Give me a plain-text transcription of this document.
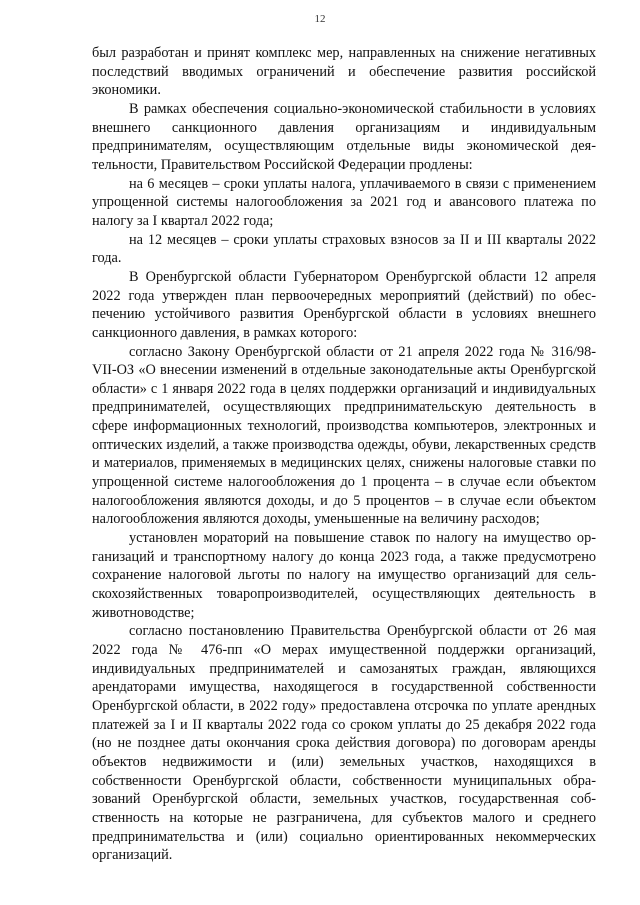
12

был разработан и принят комплекс мер, направленных на снижение негативных последствий вводимых ограничений и обеспечение развития российской экономики.

В рамках обеспечения социально-экономической стабильности в условиях внешнего санкционного давления организациям и индивидуальным предпринимателям, осуществляющим отдельные виды экономической деятельности, Правительством Российской Федерации продлены:

на 6 месяцев – сроки уплаты налога, уплачиваемого в связи с применением упрощенной системы налогообложения за 2021 год и авансового платежа по налогу за I квартал 2022 года;

на 12 месяцев – сроки уплаты страховых взносов за II и III кварталы 2022 года.

В Оренбургской области Губернатором Оренбургской области 12 апреля 2022 года утвержден план первоочередных мероприятий (действий) по обеспечению устойчивого развития Оренбургской области в условиях внешнего санкционного давления, в рамках которого:

согласно Закону Оренбургской области от 21 апреля 2022 года № 316/98-VII-ОЗ «О внесении изменений в отдельные законодательные акты Оренбургской области» с 1 января 2022 года в целях поддержки организаций и индивидуальных предпринимателей, осуществляющих предпринимательскую деятельность в сфере информационных технологий, производства компьютеров, электронных и оптических изделий, а также производства одежды, обуви, лекарственных средств и материалов, применяемых в медицинских целях, снижены налоговые ставки по упрощенной системе налогообложения до 1 процента – в случае если объектом налогообложения являются доходы, и до 5 процентов – в случае если объектом налогообложения являются доходы, уменьшенные на величину расходов;

установлен мораторий на повышение ставок по налогу на имущество организаций и транспортному налогу до конца 2023 года, а также предусмотрено сохранение налоговой льготы по налогу на имущество организаций для сельскохозяйственных товаропроизводителей, осуществляющих деятельность в животноводстве;

согласно постановлению Правительства Оренбургской области от 26 мая 2022 года № 476-пп «О мерах имущественной поддержки организаций, индивидуальных предпринимателей и самозанятых граждан, являющихся арендаторами имущества, находящегося в государственной собственности Оренбургской области, в 2022 году» предоставлена отсрочка по уплате арендных платежей за I и II кварталы 2022 года со сроком уплаты до 25 декабря 2022 года (но не позднее даты окончания срока действия договора) по договорам аренды объектов недвижимости и (или) земельных участков, находящихся в собственности Оренбургской области, собственности муниципальных образований Оренбургской области, земельных участков, государственная собственность на которые не разграничена, для субъектов малого и среднего предпринимательства и (или) социально ориентированных некоммерческих организаций.
